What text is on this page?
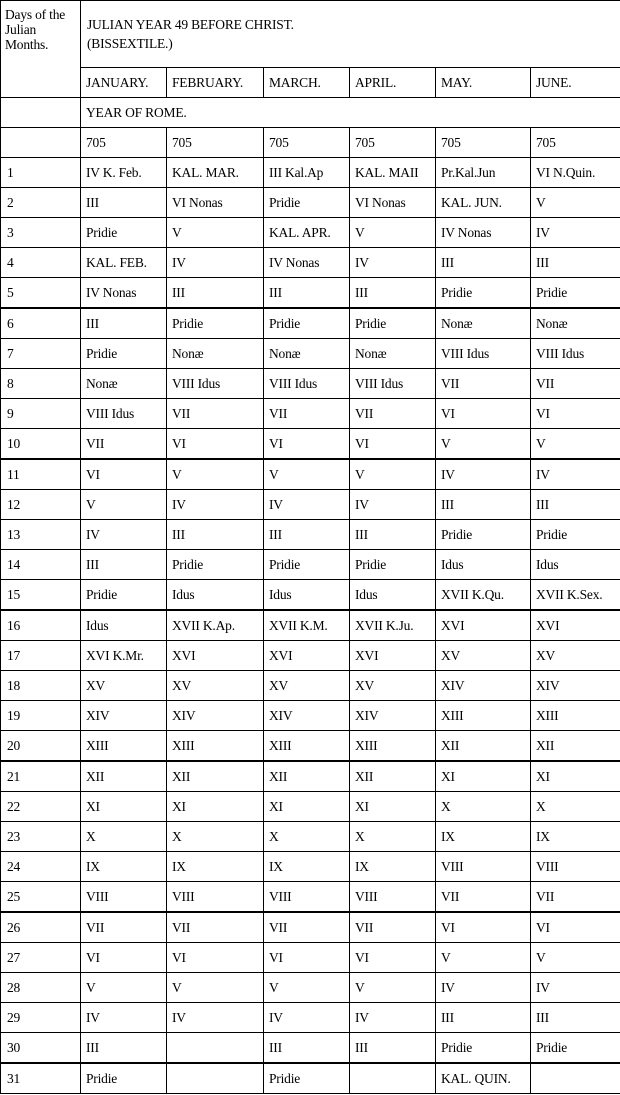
Days of the Julian Months.	JULIAN YEAR 49 BEFORE CHRIST.
(BISSEXTILE.)					
	JANUARY.	FEBRUARY.	MARCH.	APRIL.	MAY.	JUNE.
	YEAR OF ROME.					
	705	705	705	705	705	705
1	IV K. Feb.	KAL. MAR.	III Kal.Ap	KAL. MAII	Pr.Kal.Jun	VI N.Quin.
2	III	VI Nonas	Pridie	VI Nonas	KAL. JUN.	V
3	Pridie	V	KAL. APR.	V	IV Nonas	IV
4	KAL. FEB.	IV	IV Nonas	IV	III	III
5	IV Nonas	III	III	III	Pridie	Pridie
6	III	Pridie	Pridie	Pridie	Nonæ	Nonæ
7	Pridie	Nonæ	Nonæ	Nonæ	VIII Idus	VIII Idus
8	Nonæ	VIII Idus	VIII Idus	VIII Idus	VII	VII
9	VIII Idus	VII	VII	VII	VI	VI
10	VII	VI	VI	VI	V	V
11	VI	V	V	V	IV	IV
12	V	IV	IV	IV	III	III
13	IV	III	III	III	Pridie	Pridie
14	III	Pridie	Pridie	Pridie	Idus	Idus
15	Pridie	Idus	Idus	Idus	XVII K.Qu.	XVII K.Sex.
16	Idus	XVII K.Ap.	XVII K.M.	XVII K.Ju.	XVI	XVI
17	XVI K.Mr.	XVI	XVI	XVI	XV	XV
18	XV	XV	XV	XV	XIV	XIV
19	XIV	XIV	XIV	XIV	XIII	XIII
20	XIII	XIII	XIII	XIII	XII	XII
21	XII	XII	XII	XII	XI	XI
22	XI	XI	XI	XI	X	X
23	X	X	X	X	IX	IX
24	IX	IX	IX	IX	VIII	VIII
25	VIII	VIII	VIII	VIII	VII	VII
26	VII	VII	VII	VII	VI	VI
27	VI	VI	VI	VI	V	V
28	V	V	V	V	IV	IV
29	IV	IV	IV	IV	III	III
30	III		III	III	Pridie	Pridie
31	Pridie		Pridie		KAL. QUIN.	
